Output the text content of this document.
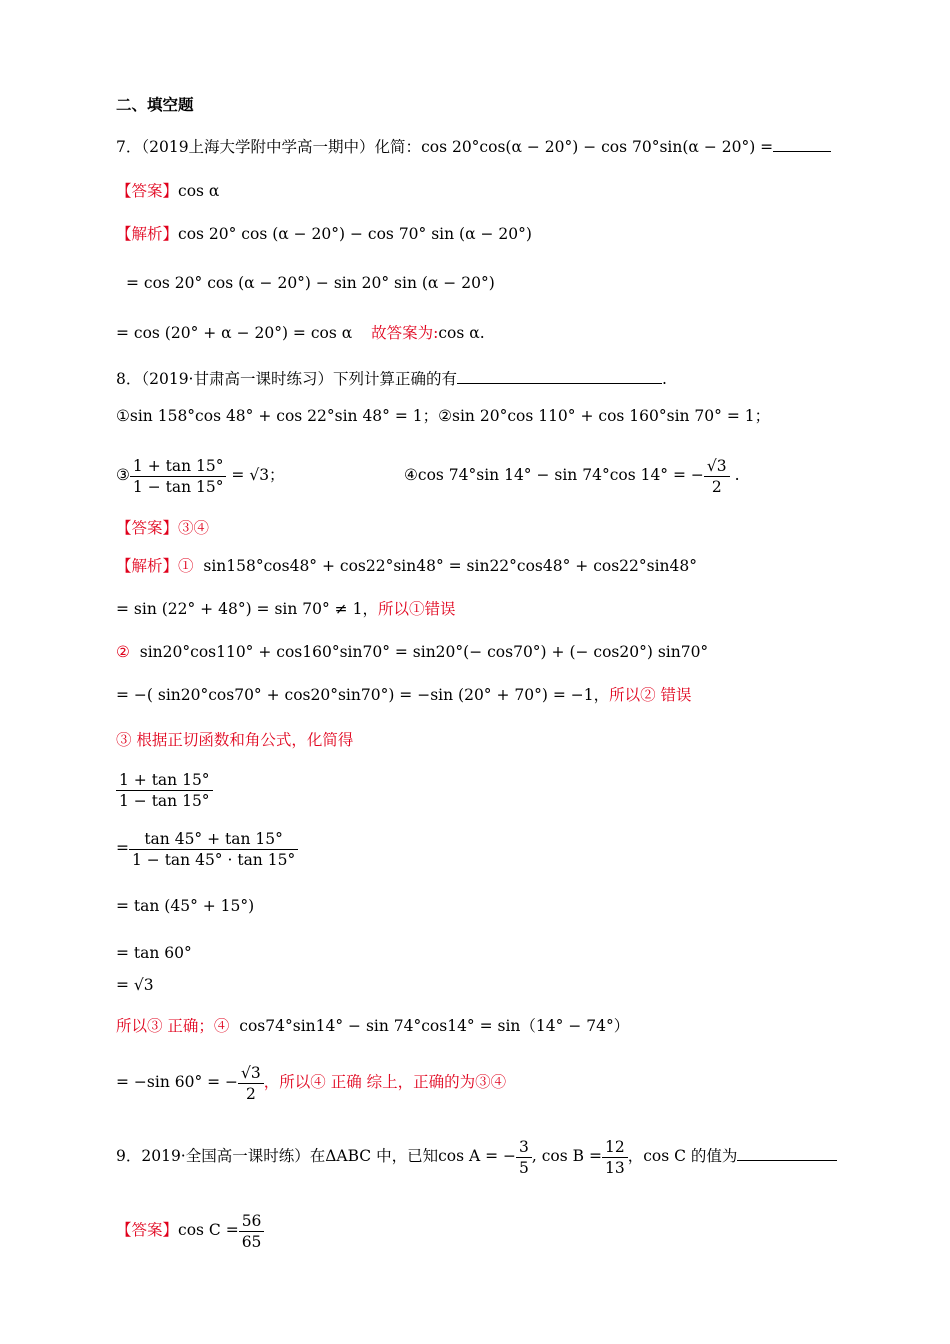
二、填空题
7．（2019上海大学附中学高一期中）化简：cos 20°cos(α − 20°) − cos 70°sin(α − 20°) =
【答案】cos α
【解析】cos 20° cos (α − 20°) − cos 70° sin (α − 20°)
= cos 20° cos (α − 20°) − sin 20° sin (α − 20°)
= cos (20° + α − 20°) = cos α 故答案为:cos α.
8．（2019·甘肃高一课时练习）下列计算正确的有	.
①sin 158°cos 48° + cos 22°sin 48° = 1；②sin 20°cos 110° + cos 160°sin 70° = 1；
③ $\frac{1 + \tan 15^\circ}{1 - \tan 15^\circ} = √3$；	④cos 74°sin 14° − sin 74°cos 14° = − $\frac{√3}{2}$ .
【答案】③④
【解析】① sin158°cos48° + cos22°sin48° = sin22°cos48° + cos22°sin48°
= sin (22° + 48°) = sin 70° ≠ 1，所以①错误
② sin20°cos110° + cos160°sin70° = sin20°(− cos70°) + (− cos20°) sin70°
= −( sin20°cos70° + cos20°sin70°) = −sin (20° + 70°) = −1，所以② 错误
③ 根据正切函数和角公式，化简得
$\frac{1 + \tan 15^\circ}{1 - \tan 15^\circ}$
= $\frac{\tan 45^\circ + \tan 15^\circ}{1 - \tan 45^\circ \cdot \tan 15^\circ}$
= tan (45° + 15°)
= tan 60°
= √3
所以③ 正确；④ cos74°sin14° − sin 74°cos14° = sin（14° − 74°）
= −sin 60° = − $\frac{√3}{2}$ ，所以④ 正确 综上，正确的为③④
9．2019·全国高一课时练）在ΔABC 中，已知cos A = − $\frac{3}{5}$ , $\cos B = \frac{12}{13}$ ，cos C 的值为
【答案】$\cos C = \frac{56}{65}$
